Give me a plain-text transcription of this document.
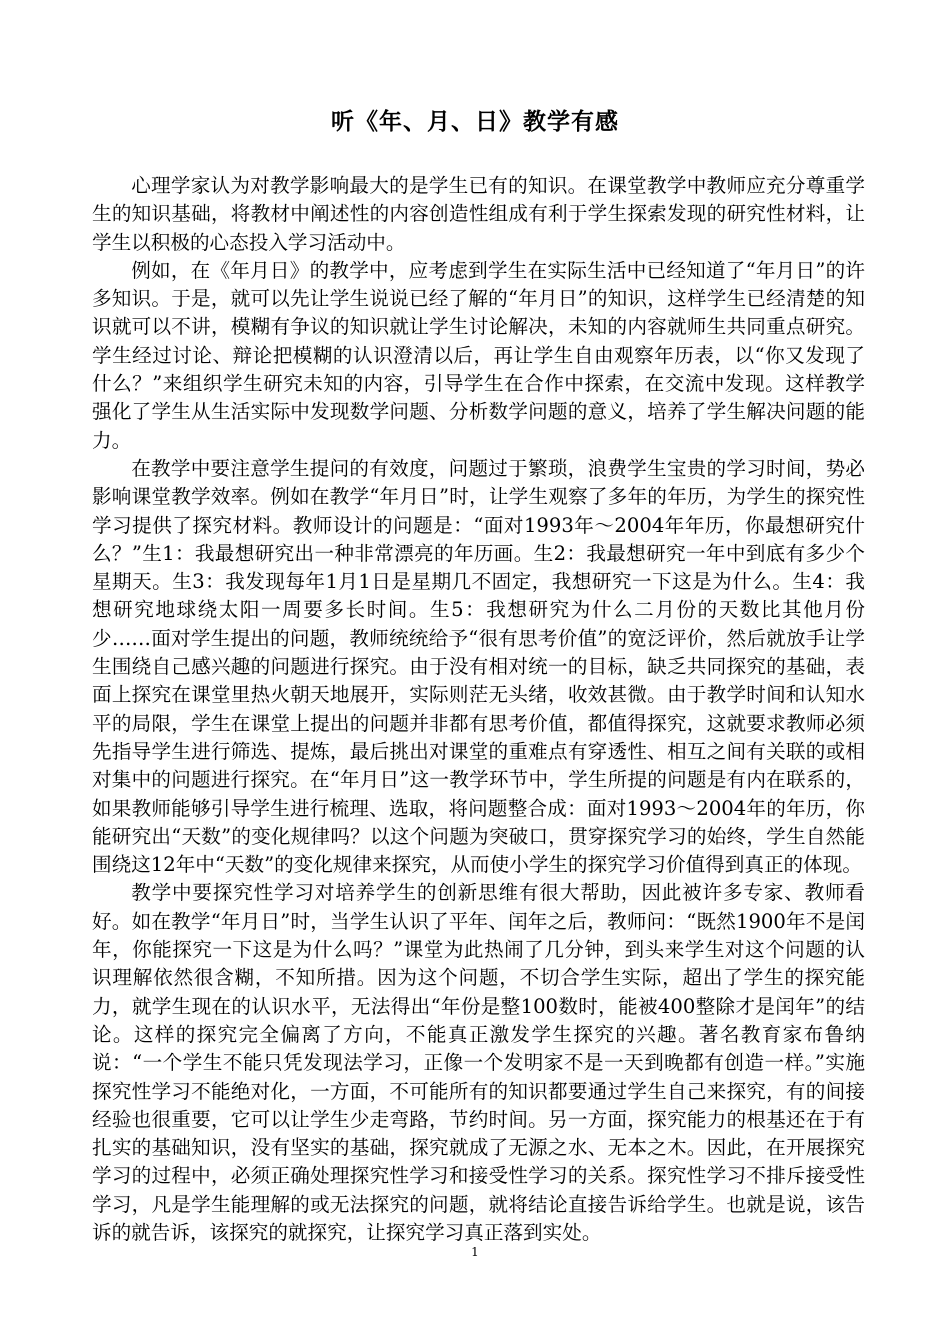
听《年、月、日》教学有感

心理学家认为对教学影响最大的是学生已有的知识。在课堂教学中教师应充分尊重学生的知识基础，将教材中阐述性的内容创造性组成有利于学生探索发现的研究性材料，让学生以积极的心态投入学习活动中。

例如，在《年月日》的教学中，应考虑到学生在实际生活中已经知道了“年月日”的许多知识。于是，就可以先让学生说说已经了解的“年月日”的知识，这样学生已经清楚的知识就可以不讲，模糊有争议的知识就让学生讨论解决，未知的内容就师生共同重点研究。学生经过讨论、辩论把模糊的认识澄清以后，再让学生自由观察年历表，以“你又发现了什么？”来组织学生研究未知的内容，引导学生在合作中探索，在交流中发现。这样教学强化了学生从生活实际中发现数学问题、分析数学问题的意义，培养了学生解决问题的能力。

在教学中要注意学生提问的有效度，问题过于繁琐，浪费学生宝贵的学习时间，势必影响课堂教学效率。例如在教学“年月日”时，让学生观察了多年的年历，为学生的探究性学习提供了探究材料。教师设计的问题是：“面对1993年～2004年年历，你最想研究什么？”生1：我最想研究出一种非常漂亮的年历画。生2：我最想研究一年中到底有多少个星期天。生3：我发现每年1月1日是星期几不固定，我想研究一下这是为什么。生4：我想研究地球绕太阳一周要多长时间。生5：我想研究为什么二月份的天数比其他月份少……面对学生提出的问题，教师统统给予“很有思考价值”的宽泛评价，然后就放手让学生围绕自己感兴趣的问题进行探究。由于没有相对统一的目标，缺乏共同探究的基础，表面上探究在课堂里热火朝天地展开，实际则茫无头绪，收效甚微。由于教学时间和认知水平的局限，学生在课堂上提出的问题并非都有思考价值，都值得探究，这就要求教师必须先指导学生进行筛选、提炼，最后挑出对课堂的重难点有穿透性、相互之间有关联的或相对集中的问题进行探究。在“年月日”这一教学环节中，学生所提的问题是有内在联系的，如果教师能够引导学生进行梳理、选取，将问题整合成：面对1993～2004年的年历，你能研究出“天数”的变化规律吗？以这个问题为突破口，贯穿探究学习的始终，学生自然能围绕这12年中“天数”的变化规律来探究，从而使小学生的探究学习价值得到真正的体现。

教学中要探究性学习对培养学生的创新思维有很大帮助，因此被许多专家、教师看好。如在教学“年月日”时，当学生认识了平年、闰年之后，教师问：“既然1900年不是闰年，你能探究一下这是为什么吗？”课堂为此热闹了几分钟，到头来学生对这个问题的认识理解依然很含糊，不知所措。因为这个问题，不切合学生实际，超出了学生的探究能力，就学生现在的认识水平，无法得出“年份是整100数时，能被400整除才是闰年”的结论。这样的探究完全偏离了方向，不能真正激发学生探究的兴趣。著名教育家布鲁纳说：“一个学生不能只凭发现法学习，正像一个发明家不是一天到晚都有创造一样。”实施探究性学习不能绝对化，一方面，不可能所有的知识都要通过学生自己来探究，有的间接经验也很重要，它可以让学生少走弯路，节约时间。另一方面，探究能力的根基还在于有扎实的基础知识，没有坚实的基础，探究就成了无源之水、无本之木。因此，在开展探究学习的过程中，必须正确处理探究性学习和接受性学习的关系。探究性学习不排斥接受性学习，凡是学生能理解的或无法探究的问题，就将结论直接告诉给学生。也就是说，该告诉的就告诉，该探究的就探究，让探究学习真正落到实处。

1
